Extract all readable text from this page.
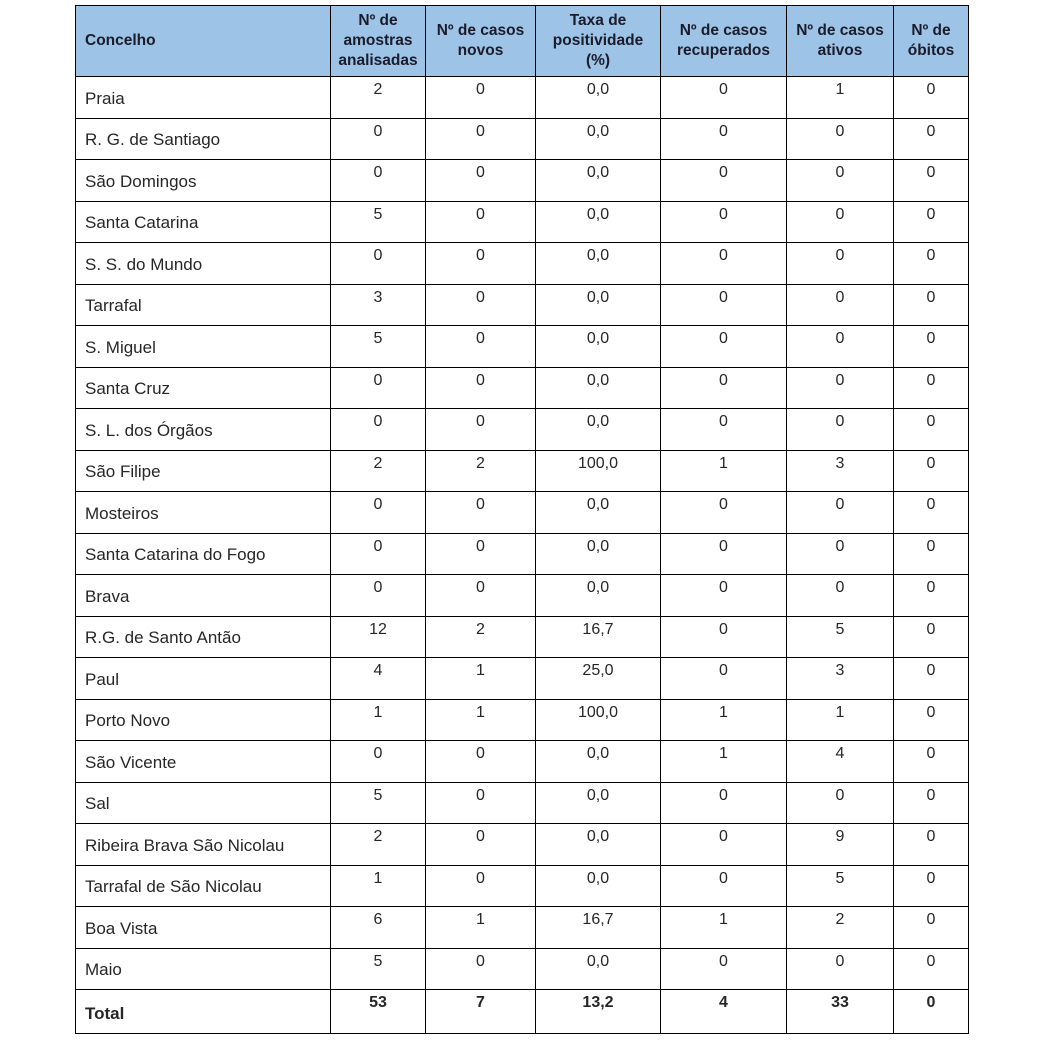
Concelho	Nº de amostras analisadas	Nº de casos novos	Taxa de positividade (%)	Nº de casos recuperados	Nº de casos ativos	Nº de óbitos
Praia	2	0	0,0	0	1	0
R. G. de Santiago	0	0	0,0	0	0	0
São Domingos	0	0	0,0	0	0	0
Santa Catarina	5	0	0,0	0	0	0
S. S. do Mundo	0	0	0,0	0	0	0
Tarrafal	3	0	0,0	0	0	0
S. Miguel	5	0	0,0	0	0	0
Santa Cruz	0	0	0,0	0	0	0
S. L. dos Órgãos	0	0	0,0	0	0	0
São Filipe	2	2	100,0	1	3	0
Mosteiros	0	0	0,0	0	0	0
Santa Catarina do Fogo	0	0	0,0	0	0	0
Brava	0	0	0,0	0	0	0
R.G. de Santo Antão	12	2	16,7	0	5	0
Paul	4	1	25,0	0	3	0
Porto Novo	1	1	100,0	1	1	0
São Vicente	0	0	0,0	1	4	0
Sal	5	0	0,0	0	0	0
Ribeira Brava São Nicolau	2	0	0,0	0	9	0
Tarrafal de São Nicolau	1	0	0,0	0	5	0
Boa Vista	6	1	16,7	1	2	0
Maio	5	0	0,0	0	0	0
Total	53	7	13,2	4	33	0
